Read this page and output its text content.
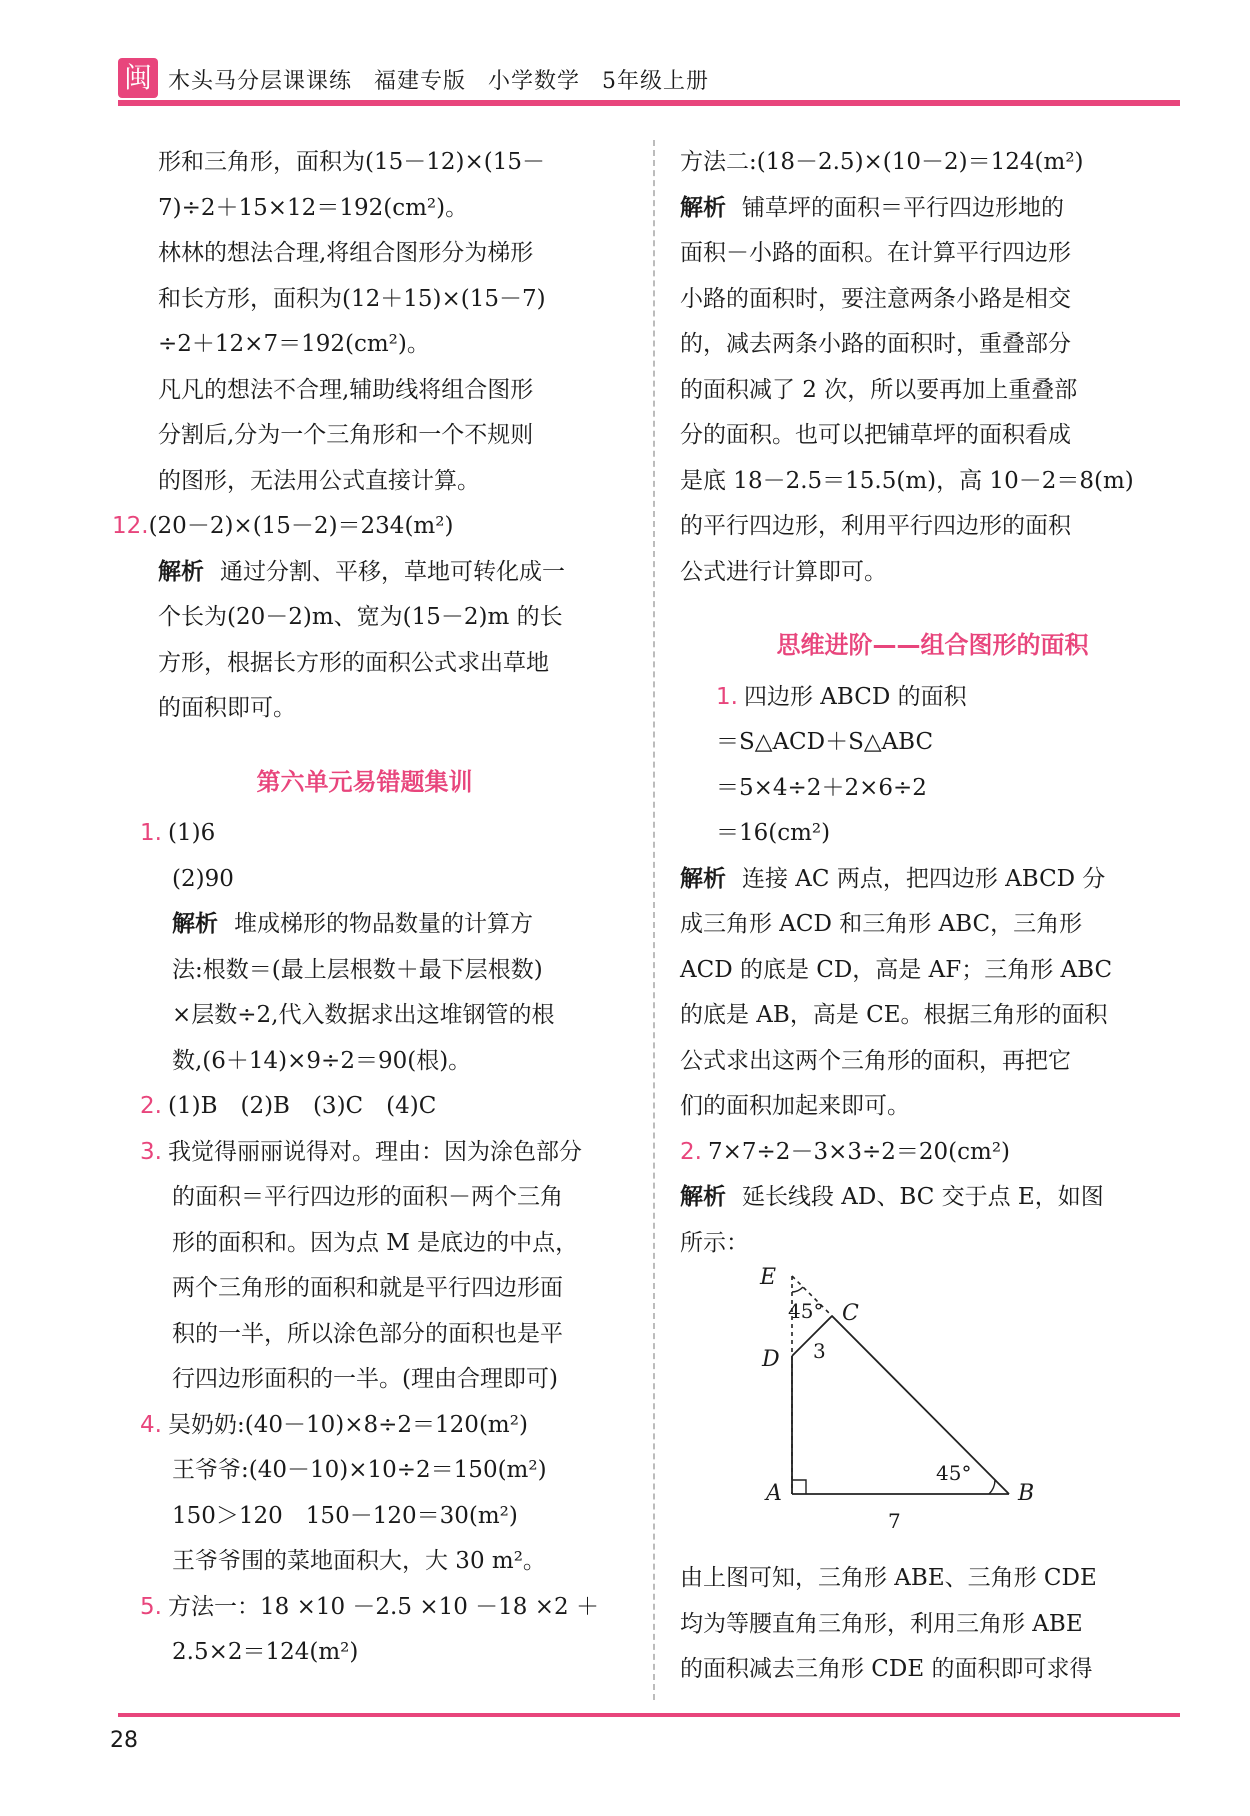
闽 木头马分层课课练 福建专版 小学数学 5年级上册

形和三角形，面积为(15－12)×(15－

7)÷2＋15×12＝192(cm²)。

林林的想法合理,将组合图形分为梯形

和长方形，面积为(12＋15)×(15－7)

÷2＋12×7＝192(cm²)。

凡凡的想法不合理,辅助线将组合图形

分割后,分为一个三角形和一个不规则

的图形，无法用公式直接计算。

12.(20－2)×(15－2)＝234(m²)

解析 通过分割、平移，草地可转化成一

个长为(20－2)m、宽为(15－2)m 的长

方形，根据长方形的面积公式求出草地

的面积即可。

第六单元易错题集训

1. (1)6

(2)90

解析 堆成梯形的物品数量的计算方

法:根数＝(最上层根数＋最下层根数)

×层数÷2,代入数据求出这堆钢管的根

数,(6＋14)×9÷2＝90(根)。

2. (1)B　(2)B　(3)C　(4)C

3. 我觉得丽丽说得对。理由：因为涂色部分

的面积＝平行四边形的面积－两个三角

形的面积和。因为点 M 是底边的中点，

两个三角形的面积和就是平行四边形面

积的一半，所以涂色部分的面积也是平

行四边形面积的一半。(理由合理即可)

4. 吴奶奶:(40－10)×8÷2＝120(m²)

王爷爷:(40－10)×10÷2＝150(m²)

150＞120　150－120＝30(m²)

王爷爷围的菜地面积大，大 30 m²。

5. 方法一：18 ×10 －2.5 ×10 －18 ×2 ＋

2.5×2＝124(m²)

方法二:(18－2.5)×(10－2)＝124(m²)

解析 铺草坪的面积＝平行四边形地的

面积－小路的面积。在计算平行四边形

小路的面积时，要注意两条小路是相交

的，减去两条小路的面积时，重叠部分

的面积减了 2 次，所以要再加上重叠部

分的面积。也可以把铺草坪的面积看成

是底 18－2.5＝15.5(m)，高 10－2＝8(m)

的平行四边形，利用平行四边形的面积

公式进行计算即可。

思维进阶——组合图形的面积

1. 四边形 ABCD 的面积

＝S△ACD＋S△ABC

＝5×4÷2＋2×6÷2

＝16(cm²)

解析 连接 AC 两点，把四边形 ABCD 分

成三角形 ACD 和三角形 ABC，三角形

ACD 的底是 CD，高是 AF；三角形 ABC

的底是 AB，高是 CE。根据三角形的面积

公式求出这两个三角形的面积，再把它

们的面积加起来即可。

2. 7×7÷2－3×3÷2＝20(cm²)

解析 延长线段 AD、BC 交于点 E，如图

所示：

E
45° C
3
D
45°
A	B
7

由上图可知，三角形 ABE、三角形 CDE

均为等腰直角三角形，利用三角形 ABE

的面积减去三角形 CDE 的面积即可求得

28
